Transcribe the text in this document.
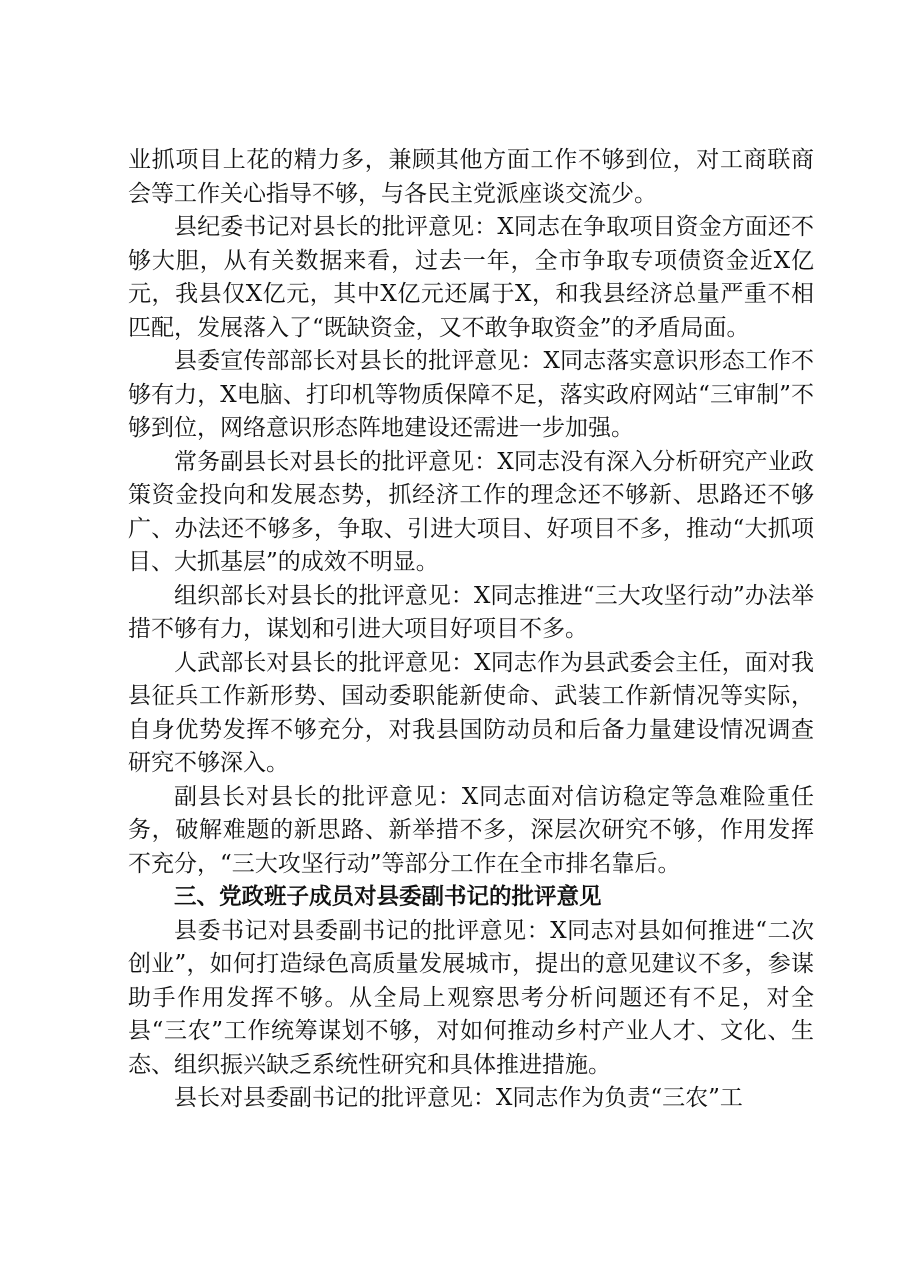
业抓项目上花的精力多，兼顾其他方面工作不够到位，对工商联商会等工作关心指导不够，与各民主党派座谈交流少。

县纪委书记对县长的批评意见：X同志在争取项目资金方面还不够大胆，从有关数据来看，过去一年，全市争取专项债资金近X亿元，我县仅X亿元，其中X亿元还属于X，和我县经济总量严重不相匹配，发展落入了“既缺资金，又不敢争取资金”的矛盾局面。

县委宣传部部长对县长的批评意见：X同志落实意识形态工作不够有力，X电脑、打印机等物质保障不足，落实政府网站“三审制”不够到位，网络意识形态阵地建设还需进一步加强。

常务副县长对县长的批评意见：X同志没有深入分析研究产业政策资金投向和发展态势，抓经济工作的理念还不够新、思路还不够广、办法还不够多，争取、引进大项目、好项目不多，推动“大抓项目、大抓基层”的成效不明显。

组织部长对县长的批评意见：X同志推进“三大攻坚行动”办法举措不够有力，谋划和引进大项目好项目不多。

人武部长对县长的批评意见：X同志作为县武委会主任，面对我县征兵工作新形势、国动委职能新使命、武装工作新情况等实际，自身优势发挥不够充分，对我县国防动员和后备力量建设情况调查研究不够深入。

副县长对县长的批评意见：X同志面对信访稳定等急难险重任务，破解难题的新思路、新举措不多，深层次研究不够，作用发挥不充分，“三大攻坚行动”等部分工作在全市排名靠后。

三、党政班子成员对县委副书记的批评意见

县委书记对县委副书记的批评意见：X同志对县如何推进“二次创业”，如何打造绿色高质量发展城市，提出的意见建议不多，参谋助手作用发挥不够。从全局上观察思考分析问题还有不足，对全县“三农”工作统筹谋划不够，对如何推动乡村产业人才、文化、生态、组织振兴缺乏系统性研究和具体推进措施。

县长对县委副书记的批评意见：X同志作为负责“三农”工
